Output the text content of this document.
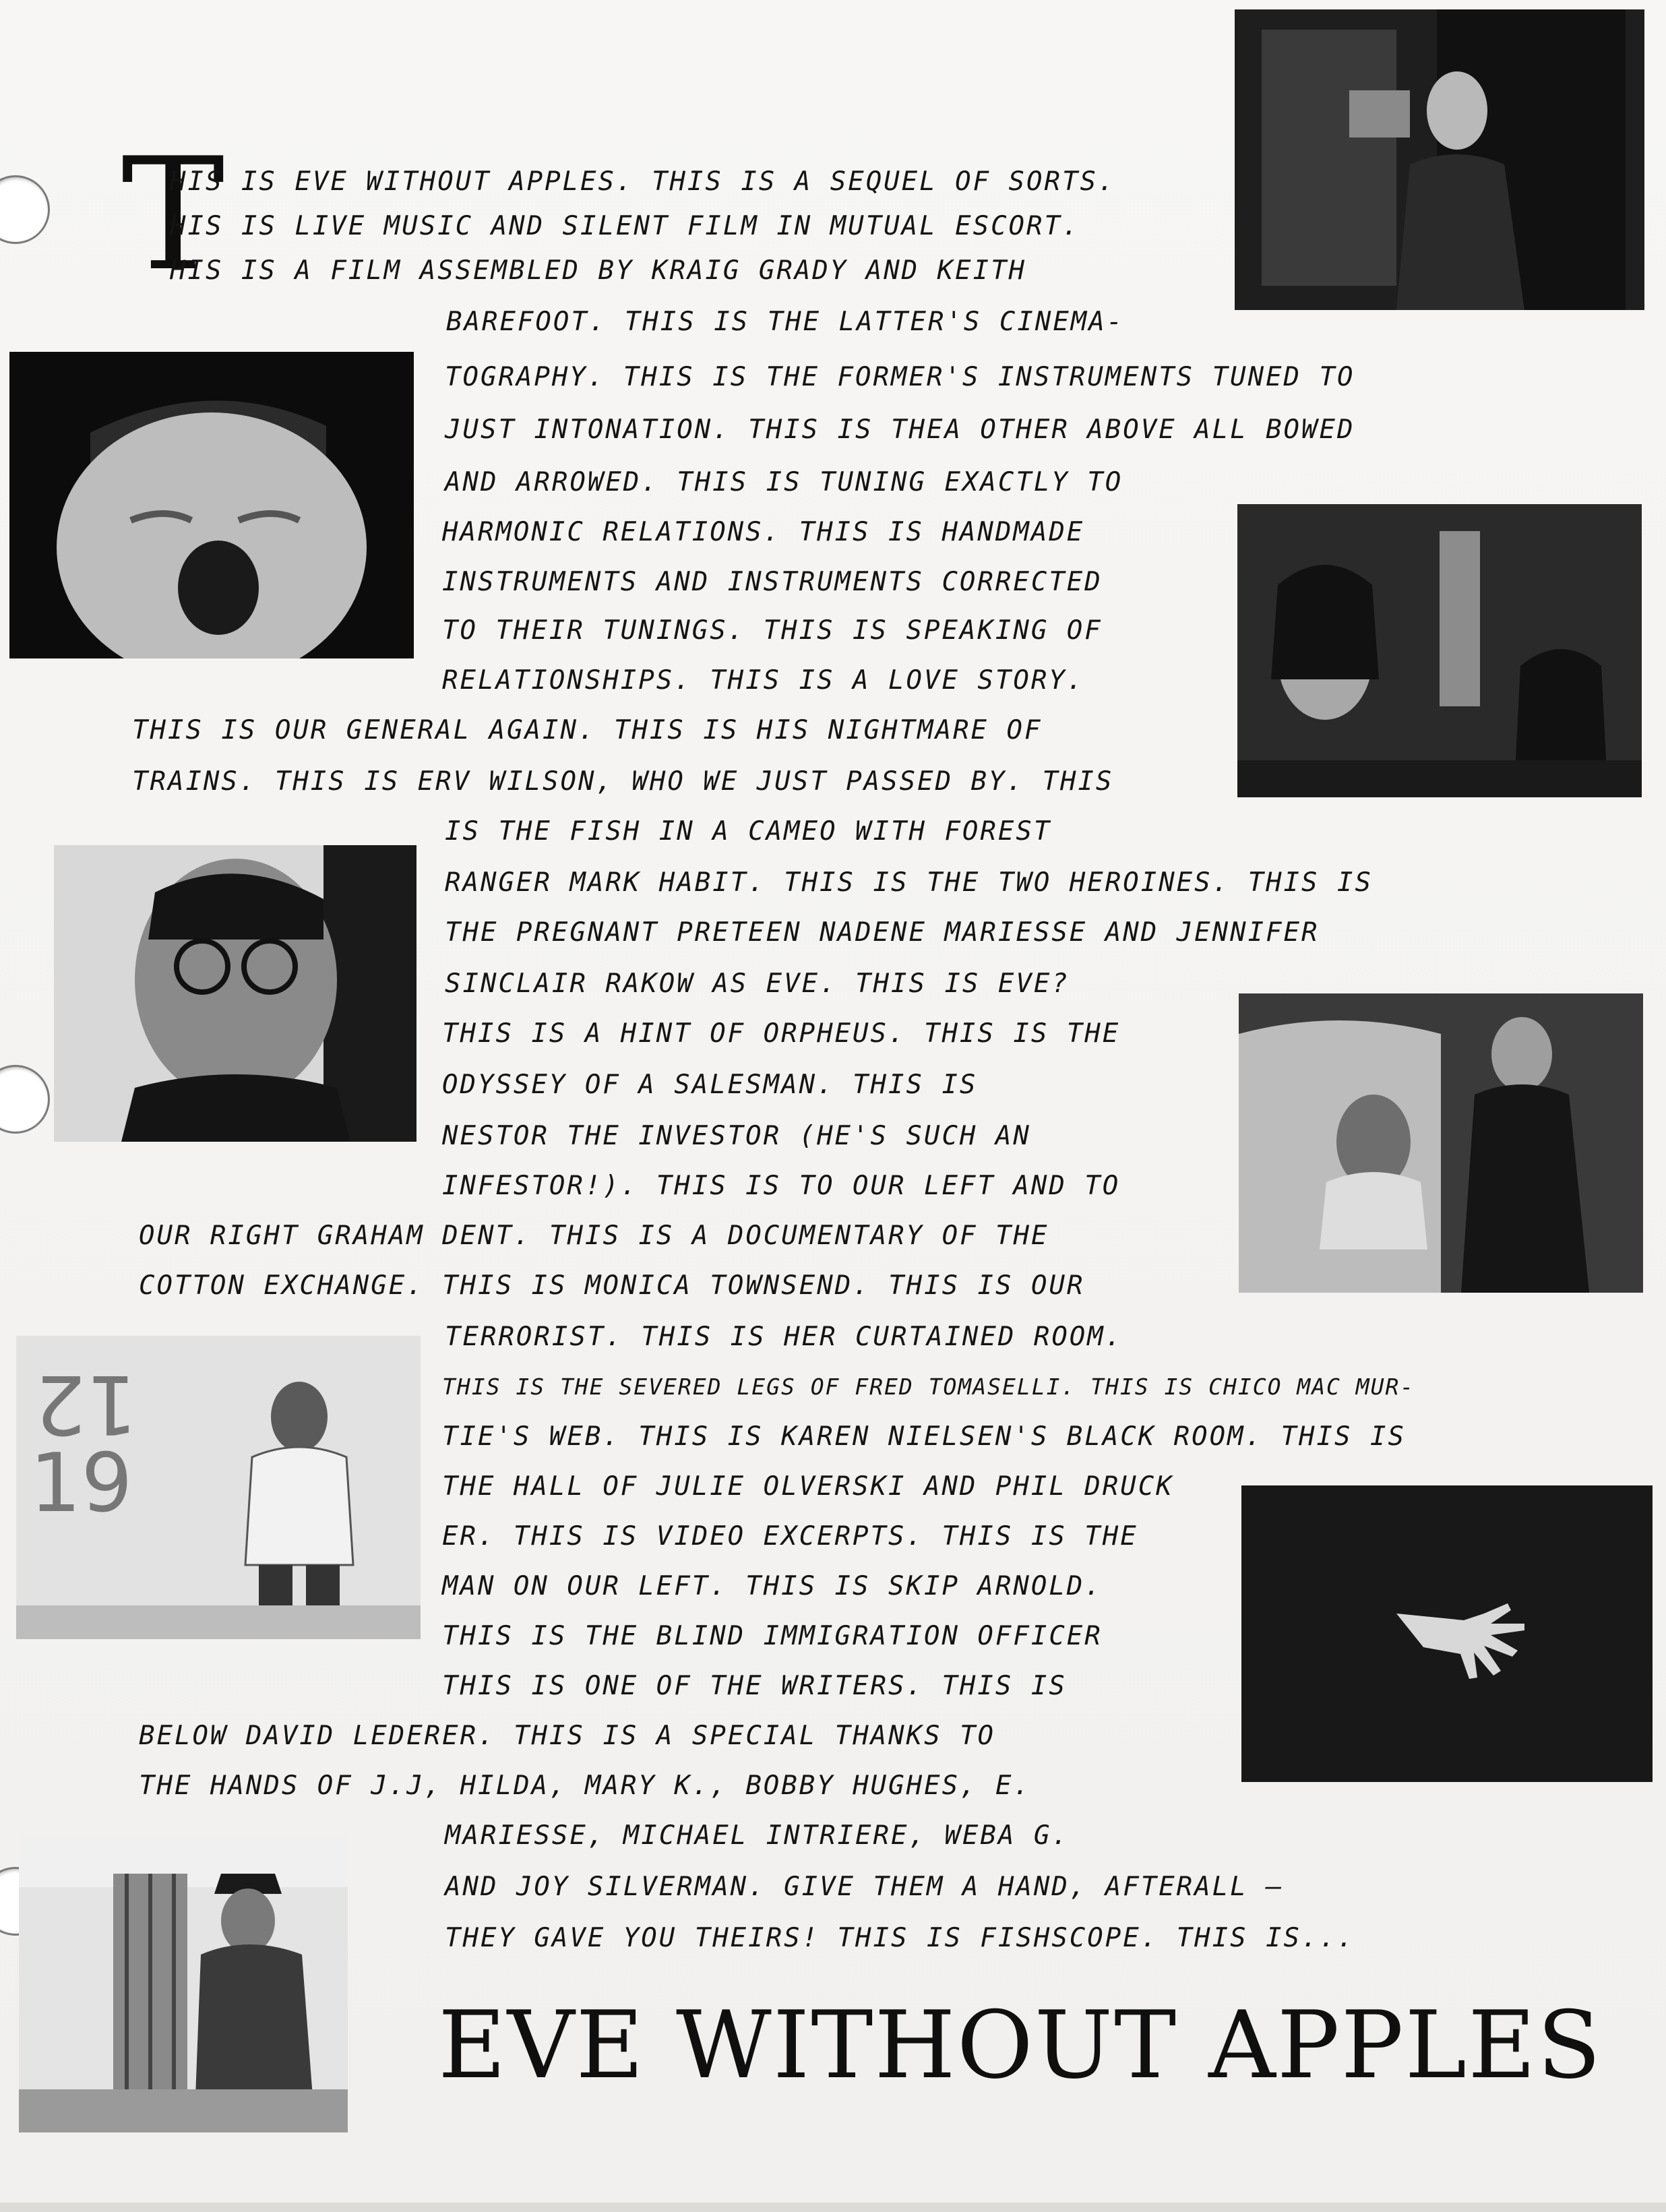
12
19
T
HIS IS EVE WITHOUT APPLES. THIS IS A SEQUEL OF SORTS.
HIS IS LIVE MUSIC AND SILENT FILM IN MUTUAL ESCORT.
HIS IS A FILM ASSEMBLED BY KRAIG GRADY AND KEITH
BAREFOOT. THIS IS THE LATTER'S CINEMA-
TOGRAPHY. THIS IS THE FORMER'S INSTRUMENTS TUNED TO
JUST INTONATION. THIS IS THEA OTHER ABOVE ALL BOWED
AND ARROWED. THIS IS TUNING EXACTLY TO
HARMONIC RELATIONS. THIS IS HANDMADE
INSTRUMENTS AND INSTRUMENTS CORRECTED
TO THEIR TUNINGS. THIS IS SPEAKING OF
RELATIONSHIPS. THIS IS A LOVE STORY.
THIS IS OUR GENERAL AGAIN. THIS IS HIS NIGHTMARE OF
TRAINS. THIS IS ERV WILSON, WHO WE JUST PASSED BY. THIS
IS THE FISH IN A CAMEO WITH FOREST
RANGER MARK HABIT. THIS IS THE TWO HEROINES. THIS IS
THE PREGNANT PRETEEN NADENE MARIESSE AND JENNIFER
SINCLAIR RAKOW AS EVE. THIS IS EVE?
THIS IS A HINT OF ORPHEUS. THIS IS THE
ODYSSEY OF A SALESMAN. THIS IS
NESTOR THE INVESTOR (HE'S SUCH AN
INFESTOR!). THIS IS TO OUR LEFT AND TO
OUR RIGHT GRAHAM DENT. THIS IS A DOCUMENTARY OF THE
COTTON EXCHANGE. THIS IS MONICA TOWNSEND. THIS IS OUR
TERRORIST. THIS IS HER CURTAINED ROOM.
THIS IS THE SEVERED LEGS OF FRED TOMASELLI. THIS IS CHICO MAC MUR-
TIE'S WEB. THIS IS KAREN NIELSEN'S BLACK ROOM. THIS IS
THE HALL OF JULIE OLVERSKI AND PHIL DRUCK
ER. THIS IS VIDEO EXCERPTS. THIS IS THE
MAN ON OUR LEFT. THIS IS SKIP ARNOLD.
THIS IS THE BLIND IMMIGRATION OFFICER
THIS IS ONE OF THE WRITERS. THIS IS
BELOW DAVID LEDERER. THIS IS A SPECIAL THANKS TO
THE HANDS OF J.J, HILDA, MARY K., BOBBY HUGHES, E.
MARIESSE, MICHAEL INTRIERE, WEBA G.
AND JOY SILVERMAN. GIVE THEM A HAND, AFTERALL —
THEY GAVE YOU THEIRS! THIS IS FISHSCOPE. THIS IS...
EVE WITHOUT APPLES
